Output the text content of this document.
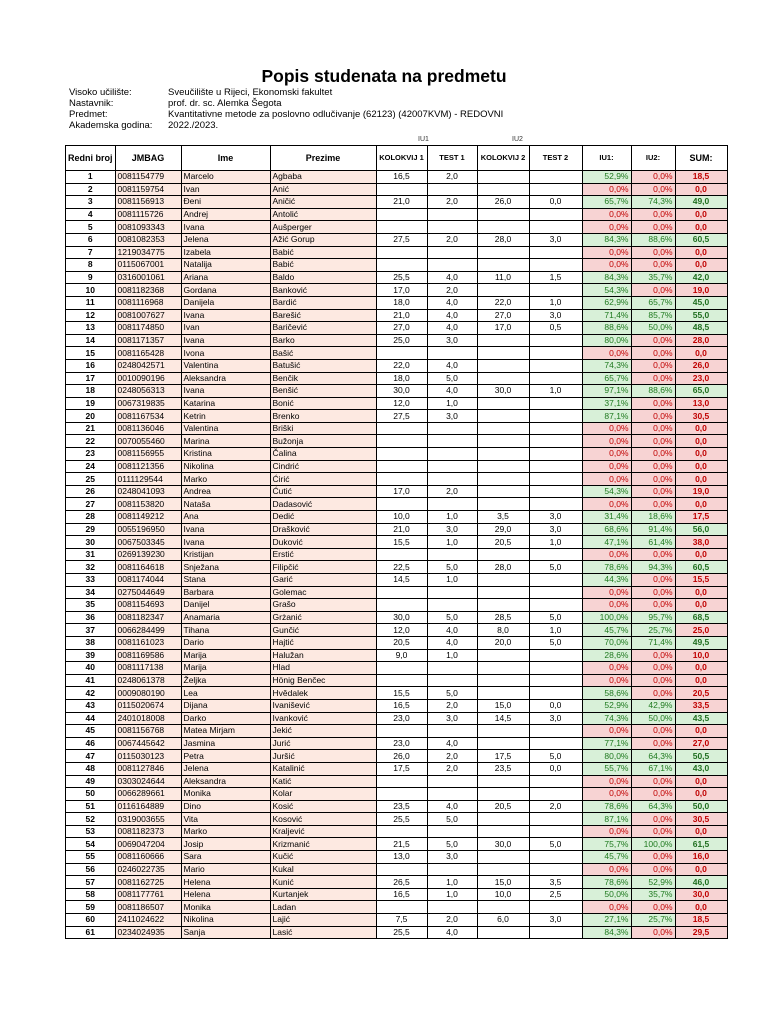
Popis studenata na predmetu
Visoko učilište:	Sveučilište u Rijeci, Ekonomski fakultet
Nastavnik:	prof. dr. sc. Alemka Šegota
Predmet:	Kvantitativne metode za poslovno odlučivanje (62123) (42007KVM) - REDOVNI
Akademska godina:	2022./2023.
IU1	IU2
Redni broj	JMBAG	Ime	Prezime	KOLOKVIJ 1	TEST 1	KOLOKVIJ 2	TEST 2	IU1:	IU2:	SUM:
1	0081154779	Marcelo	Agbaba	16,5	2,0			52,9%	0,0%	18,5
2	0081159754	Ivan	Anić					0,0%	0,0%	0,0
3	0081156913	Đeni	Aničić	21,0	2,0	26,0	0,0	65,7%	74,3%	49,0
4	0081115726	Andrej	Antolić					0,0%	0,0%	0,0
5	0081093343	Ivana	Aušperger					0,0%	0,0%	0,0
6	0081082353	Jelena	Ažić Gorup	27,5	2,0	28,0	3,0	84,3%	88,6%	60,5
7	1219034775	Izabela	Babić					0,0%	0,0%	0,0
8	0115067001	Natalija	Babić					0,0%	0,0%	0,0
9	0316001061	Ariana	Baldo	25,5	4,0	11,0	1,5	84,3%	35,7%	42,0
10	0081182368	Gordana	Banković	17,0	2,0			54,3%	0,0%	19,0
11	0081116968	Danijela	Bardić	18,0	4,0	22,0	1,0	62,9%	65,7%	45,0
12	0081007627	Ivana	Barešić	21,0	4,0	27,0	3,0	71,4%	85,7%	55,0
13	0081174850	Ivan	Baričević	27,0	4,0	17,0	0,5	88,6%	50,0%	48,5
14	0081171357	Ivana	Barko	25,0	3,0			80,0%	0,0%	28,0
15	0081165428	Ivona	Bašić					0,0%	0,0%	0,0
16	0248042571	Valentina	Batušić	22,0	4,0			74,3%	0,0%	26,0
17	0010090196	Aleksandra	Benčik	18,0	5,0			65,7%	0,0%	23,0
18	0248056313	Ivana	Benšić	30,0	4,0	30,0	1,0	97,1%	88,6%	65,0
19	0067319835	Katarina	Bonić	12,0	1,0			37,1%	0,0%	13,0
20	0081167534	Ketrin	Brenko	27,5	3,0			87,1%	0,0%	30,5
21	0081136046	Valentina	Briški					0,0%	0,0%	0,0
22	0070055460	Marina	Bužonja					0,0%	0,0%	0,0
23	0081156955	Kristina	Čalina					0,0%	0,0%	0,0
24	0081121356	Nikolina	Cindrić					0,0%	0,0%	0,0
25	0111129544	Marko	Ćirić					0,0%	0,0%	0,0
26	0248041093	Andrea	Ćutić	17,0	2,0			54,3%	0,0%	19,0
27	0081153820	Nataša	Dadasović					0,0%	0,0%	0,0
28	0081149212	Ana	Dedić	10,0	1,0	3,5	3,0	31,4%	18,6%	17,5
29	0055196950	Ivana	Drašković	21,0	3,0	29,0	3,0	68,6%	91,4%	56,0
30	0067503345	Ivana	Duković	15,5	1,0	20,5	1,0	47,1%	61,4%	38,0
31	0269139230	Kristijan	Erstić					0,0%	0,0%	0,0
32	0081164618	Snježana	Filipčić	22,5	5,0	28,0	5,0	78,6%	94,3%	60,5
33	0081174044	Stana	Garić	14,5	1,0			44,3%	0,0%	15,5
34	0275044649	Barbara	Golemac					0,0%	0,0%	0,0
35	0081154693	Danijel	Grašo					0,0%	0,0%	0,0
36	0081182347	Anamaria	Grżanić	30,0	5,0	28,5	5,0	100,0%	95,7%	68,5
37	0066284499	Tihana	Gunčić	12,0	4,0	8,0	1,0	45,7%	25,7%	25,0
38	0081161023	Dario	Hajtić	20,5	4,0	20,0	5,0	70,0%	71,4%	49,5
39	0081169586	Marija	Halužan	9,0	1,0			28,6%	0,0%	10,0
40	0081117138	Marija	Hlad					0,0%	0,0%	0,0
41	0248061378	Željka	Hönig Benčec					0,0%	0,0%	0,0
42	0009080190	Lea	Hvědalek	15,5	5,0			58,6%	0,0%	20,5
43	0115020674	Dijana	Ivanišević	16,5	2,0	15,0	0,0	52,9%	42,9%	33,5
44	2401018008	Darko	Ivanković	23,0	3,0	14,5	3,0	74,3%	50,0%	43,5
45	0081156768	Matea Mirjam	Jekić					0,0%	0,0%	0,0
46	0067445642	Jasmina	Jurić	23,0	4,0			77,1%	0,0%	27,0
47	0115030123	Petra	Juršić	26,0	2,0	17,5	5,0	80,0%	64,3%	50,5
48	0081127846	Jelena	Katalinić	17,5	2,0	23,5	0,0	55,7%	67,1%	43,0
49	0303024644	Aleksandra	Katić					0,0%	0,0%	0,0
50	0066289661	Monika	Kolar					0,0%	0,0%	0,0
51	0116164889	Dino	Kosić	23,5	4,0	20,5	2,0	78,6%	64,3%	50,0
52	0319003655	Vita	Kosović	25,5	5,0			87,1%	0,0%	30,5
53	0081182373	Marko	Kraljević					0,0%	0,0%	0,0
54	0069047204	Josip	Krizmanić	21,5	5,0	30,0	5,0	75,7%	100,0%	61,5
55	0081160666	Sara	Kučić	13,0	3,0			45,7%	0,0%	16,0
56	0246022735	Mario	Kukal					0,0%	0,0%	0,0
57	0081162725	Helena	Kunić	26,5	1,0	15,0	3,5	78,6%	52,9%	46,0
58	0081177761	Helena	Kurtanjek	16,5	1,0	10,0	2,5	50,0%	35,7%	30,0
59	0081186507	Monika	Ladan					0,0%	0,0%	0,0
60	2411024622	Nikolina	Lajić	7,5	2,0	6,0	3,0	27,1%	25,7%	18,5
61	0234024935	Sanja	Lasić	25,5	4,0			84,3%	0,0%	29,5
